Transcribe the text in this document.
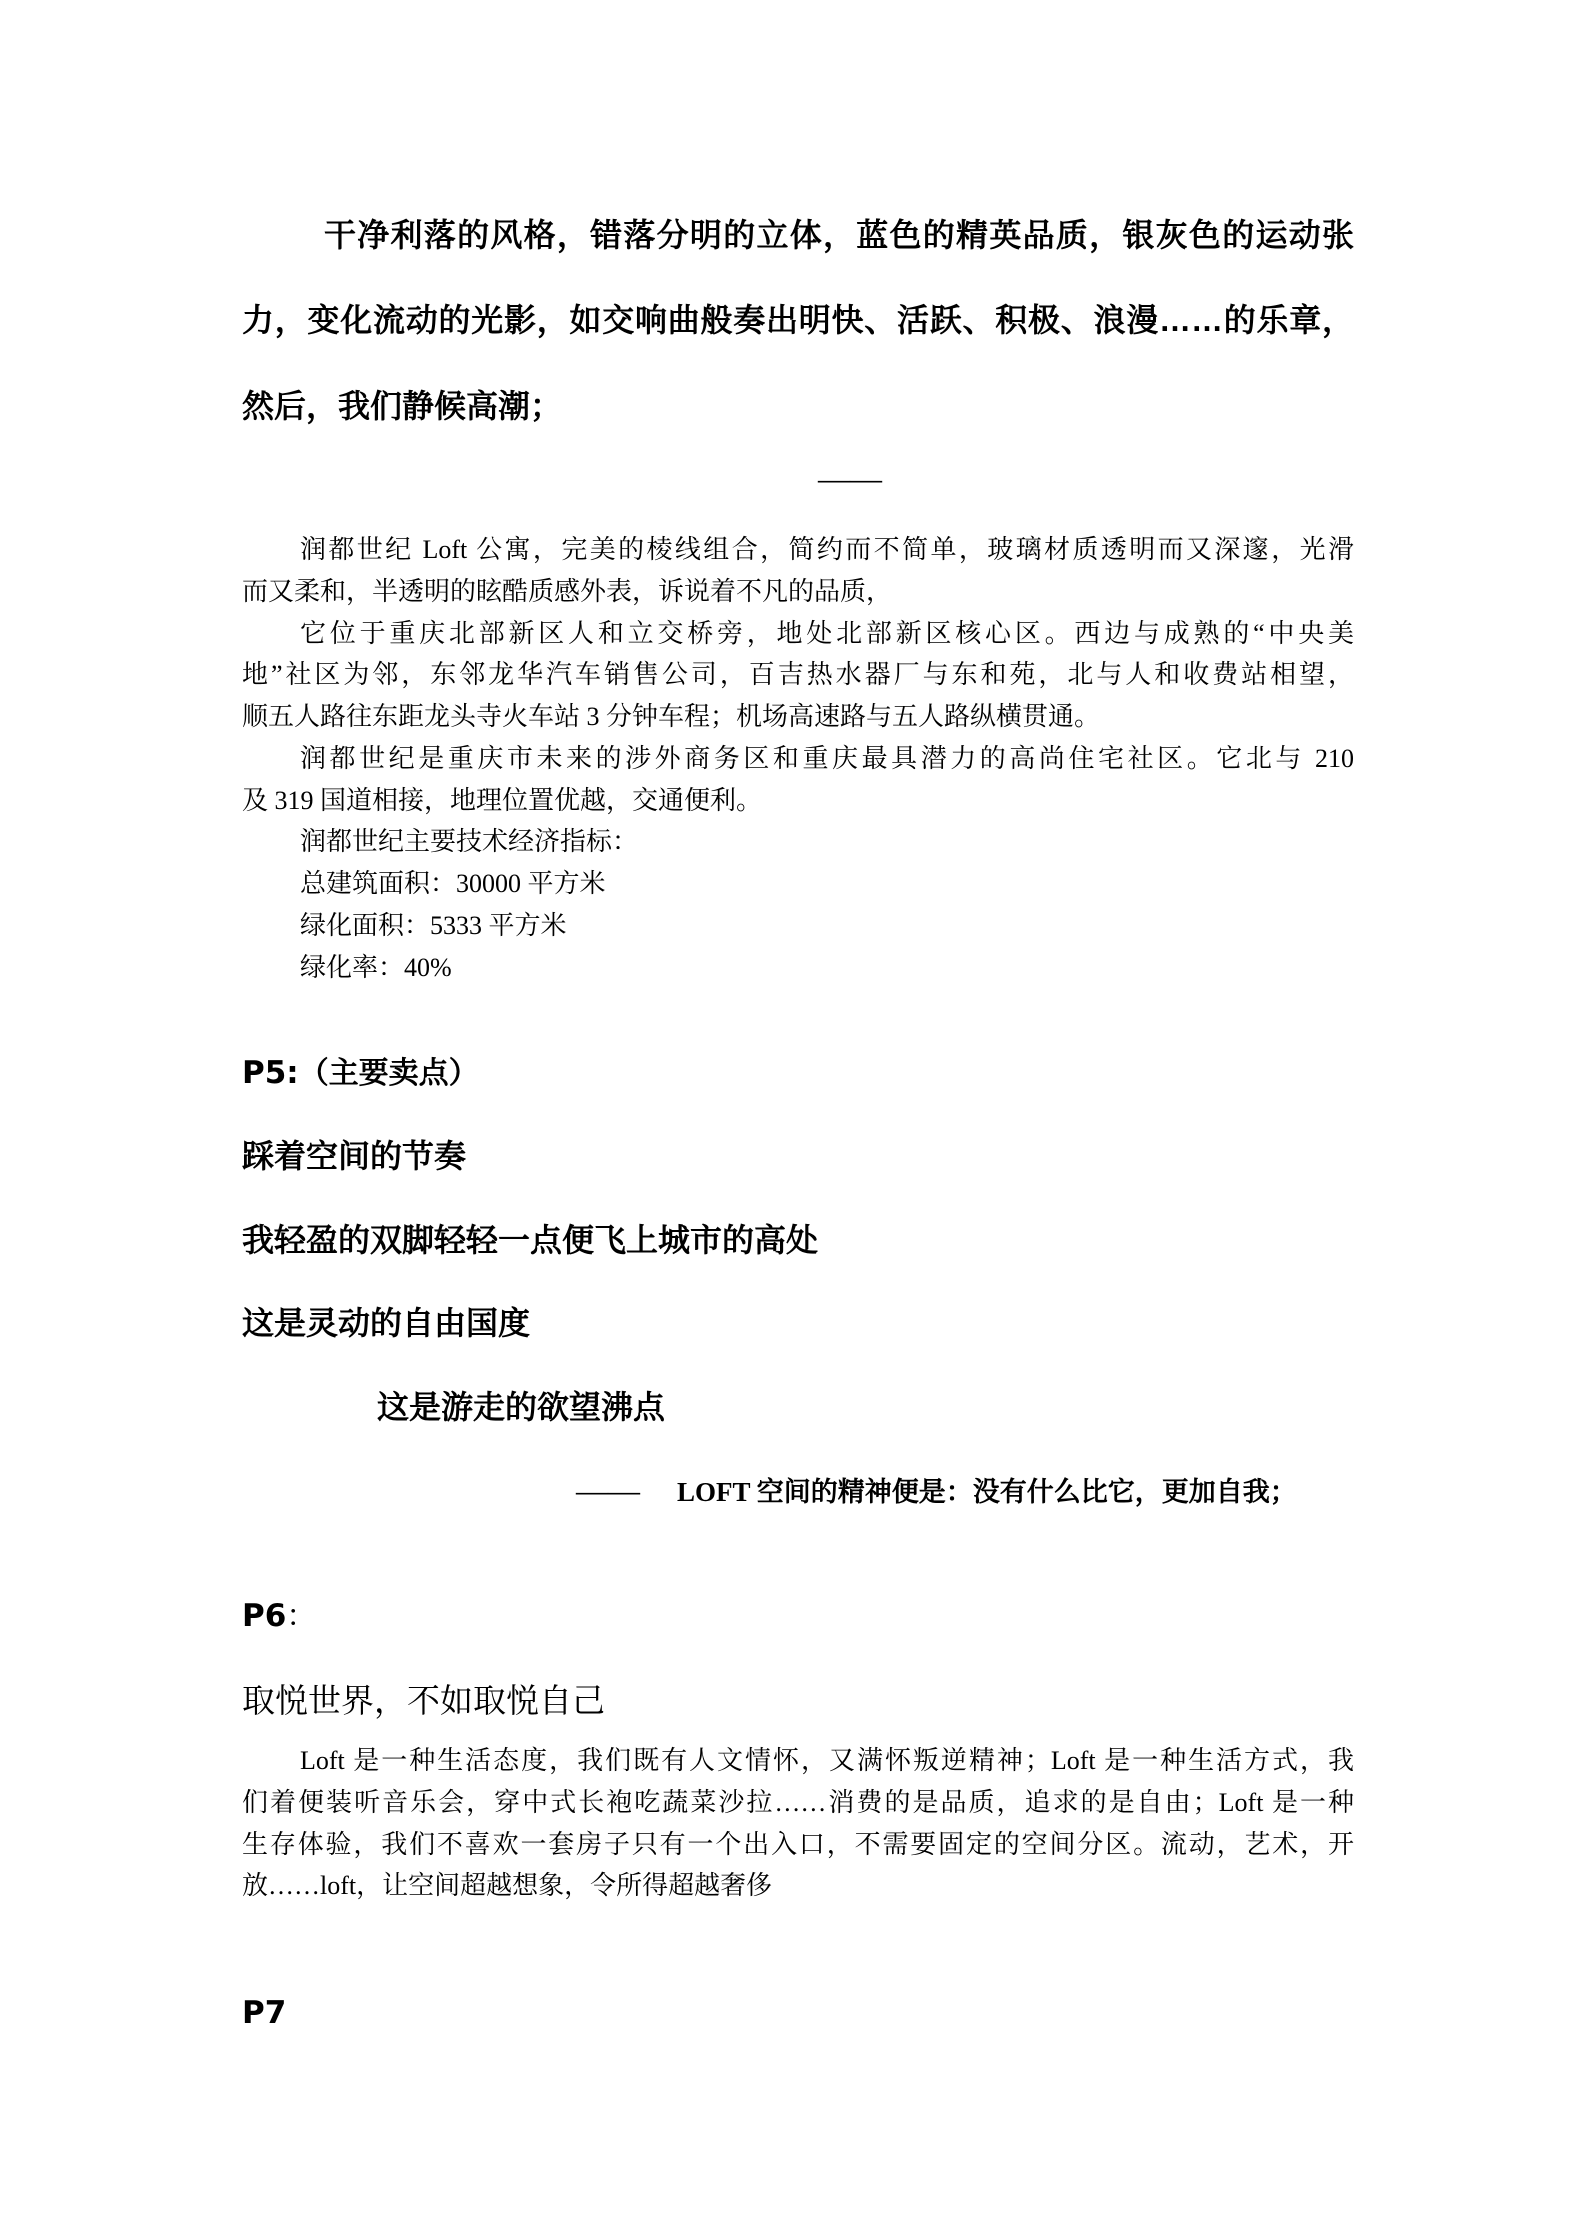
干净利落的风格，错落分明的立体，蓝色的精英品质，银灰色的运动张
力，变化流动的光影，如交响曲般奏出明快、活跃、积极、浪漫……的乐章，
然后，我们静候高潮；
——
润都世纪 Loft 公寓，完美的棱线组合，简约而不简单，玻璃材质透明而又深邃，光滑
而又柔和，半透明的眩酷质感外表，诉说着不凡的品质，
它位于重庆北部新区人和立交桥旁，地处北部新区核心区。西边与成熟的“中央美
地”社区为邻，东邻龙华汽车销售公司，百吉热水器厂与东和苑，北与人和收费站相望，
顺五人路往东距龙头寺火车站 3 分钟车程；机场高速路与五人路纵横贯通。
润都世纪是重庆市未来的涉外商务区和重庆最具潜力的高尚住宅社区。它北与 210
及 319 国道相接，地理位置优越，交通便利。
润都世纪主要技术经济指标：
总建筑面积：30000 平方米
绿化面积：5333 平方米
绿化率：40%
P5:（主要卖点）
踩着空间的节奏
我轻盈的双脚轻轻一点便飞上城市的高处
这是灵动的自由国度
这是游走的欲望沸点
—— LOFT 空间的精神便是：没有什么比它，更加自我；
P6：
取悦世界，不如取悦自己
Loft 是一种生活态度，我们既有人文情怀，又满怀叛逆精神；Loft 是一种生活方式，我
们着便装听音乐会，穿中式长袍吃蔬菜沙拉……消费的是品质，追求的是自由；Loft 是一种
生存体验，我们不喜欢一套房子只有一个出入口，不需要固定的空间分区。流动，艺术，开
放……loft，让空间超越想象，令所得超越奢侈
P7
